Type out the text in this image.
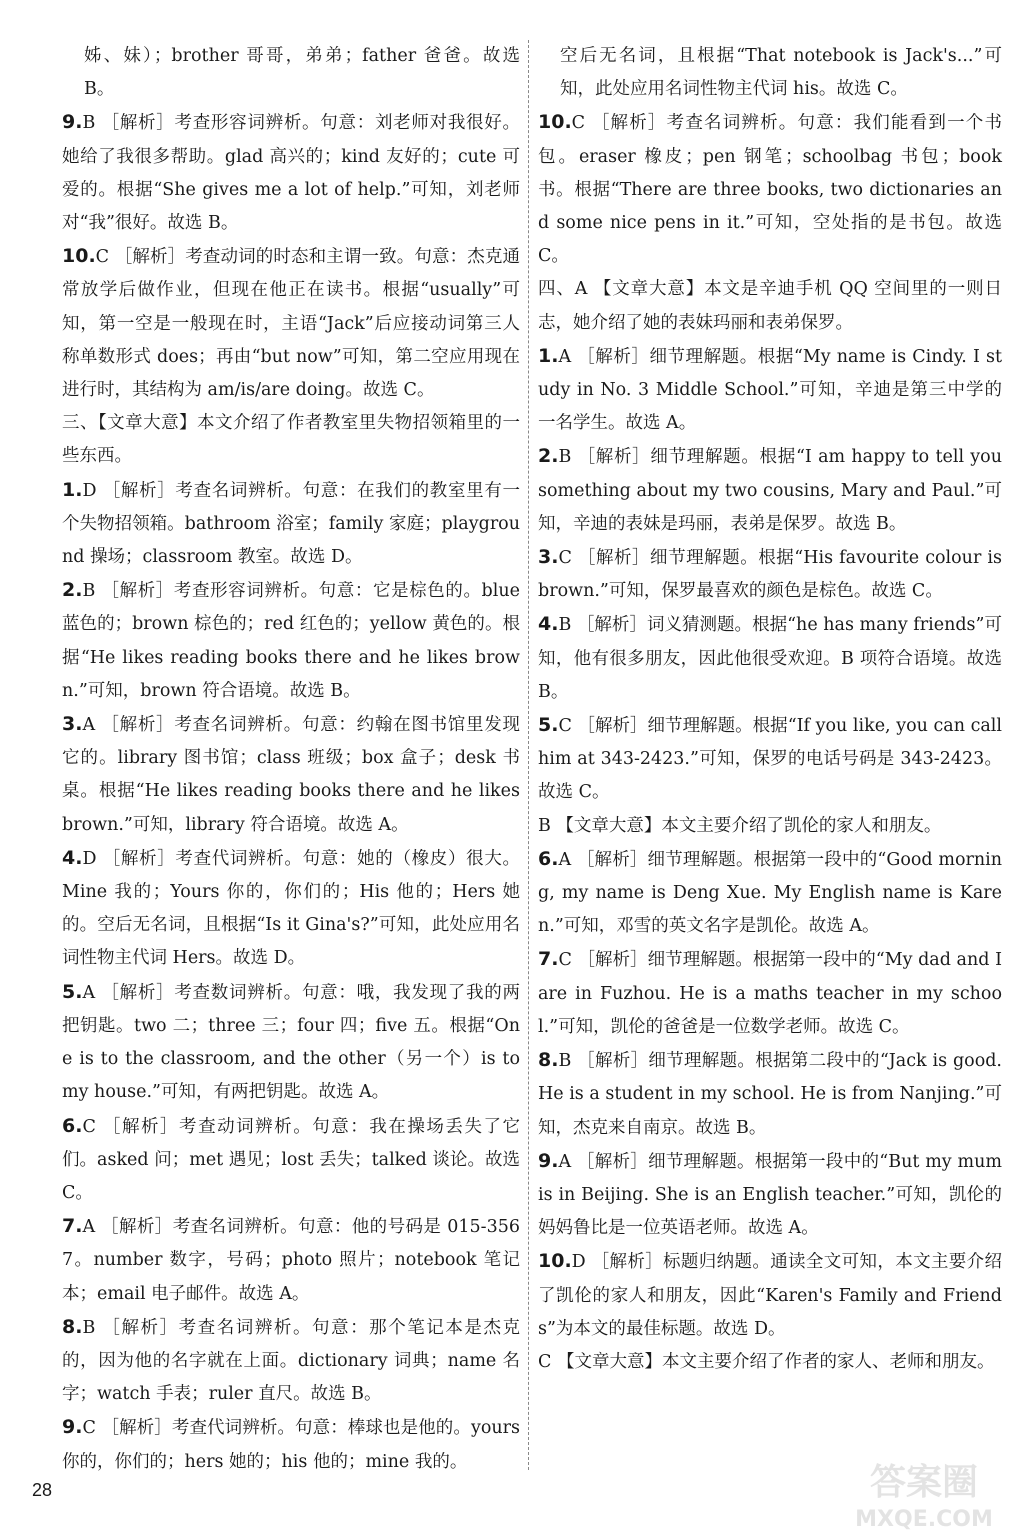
姊、妹）；brother 哥哥，弟弟；father 爸爸。故选 B。

9.B ［解析］考查形容词辨析。句意：刘老师对我很好。她给了我很多帮助。glad 高兴的；kind 友好的；cute 可爱的。根据“She gives me a lot of help.”可知，刘老师对“我”很好。故选 B。

10.C ［解析］考查动词的时态和主谓一致。句意：杰克通常放学后做作业，但现在他正在读书。根据“usually”可知，第一空是一般现在时，主语“Jack”后应接动词第三人称单数形式 does；再由“but now”可知，第二空应用现在进行时，其结构为 am/is/are doing。故选 C。

三、【文章大意】本文介绍了作者教室里失物招领箱里的一些东西。

1.D ［解析］考查名词辨析。句意：在我们的教室里有一个失物招领箱。bathroom 浴室；family 家庭；playground 操场；classroom 教室。故选 D。

2.B ［解析］考查形容词辨析。句意：它是棕色的。blue 蓝色的；brown 棕色的；red 红色的；yellow 黄色的。根据“He likes reading books there and he likes brown.”可知，brown 符合语境。故选 B。

3.A ［解析］考查名词辨析。句意：约翰在图书馆里发现它的。library 图书馆；class 班级；box 盒子；desk 书桌。根据“He likes reading books there and he likes brown.”可知，library 符合语境。故选 A。

4.D ［解析］考查代词辨析。句意：她的（橡皮）很大。Mine 我的；Yours 你的，你们的；His 他的；Hers 她的。空后无名词，且根据“Is it Gina's?”可知，此处应用名词性物主代词 Hers。故选 D。

5.A ［解析］考查数词辨析。句意：哦，我发现了我的两把钥匙。two 二；three 三；four 四；five 五。根据“One is to the classroom, and the other（另一个）is to my house.”可知，有两把钥匙。故选 A。

6.C ［解析］考查动词辨析。句意：我在操场丢失了它们。asked 问；met 遇见；lost 丢失；talked 谈论。故选 C。

7.A ［解析］考查名词辨析。句意：他的号码是 015-3567。number 数字，号码；photo 照片；notebook 笔记本；email 电子邮件。故选 A。

8.B ［解析］考查名词辨析。句意：那个笔记本是杰克的，因为他的名字就在上面。dictionary 词典；name 名字；watch 手表；ruler 直尺。故选 B。

9.C ［解析］考查代词辨析。句意：棒球也是他的。yours 你的，你们的；hers 她的；his 他的；mine 我的。

空后无名词，且根据“That notebook is Jack's...”可知，此处应用名词性物主代词 his。故选 C。

10.C ［解析］考查名词辨析。句意：我们能看到一个书包。eraser 橡皮；pen 钢笔；schoolbag 书包；book 书。根据“There are three books, two dictionaries and some nice pens in it.”可知，空处指的是书包。故选 C。

四、A 【文章大意】本文是辛迪手机 QQ 空间里的一则日志，她介绍了她的表妹玛丽和表弟保罗。

1.A ［解析］细节理解题。根据“My name is Cindy. I study in No. 3 Middle School.”可知，辛迪是第三中学的一名学生。故选 A。

2.B ［解析］细节理解题。根据“I am happy to tell you something about my two cousins, Mary and Paul.”可知，辛迪的表妹是玛丽，表弟是保罗。故选 B。

3.C ［解析］细节理解题。根据“His favourite colour is brown.”可知，保罗最喜欢的颜色是棕色。故选 C。

4.B ［解析］词义猜测题。根据“he has many friends”可知，他有很多朋友，因此他很受欢迎。B 项符合语境。故选 B。

5.C ［解析］细节理解题。根据“If you like, you can call him at 343-2423.”可知，保罗的电话号码是 343-2423。故选 C。

B 【文章大意】本文主要介绍了凯伦的家人和朋友。

6.A ［解析］细节理解题。根据第一段中的“Good morning, my name is Deng Xue. My English name is Karen.”可知，邓雪的英文名字是凯伦。故选 A。

7.C ［解析］细节理解题。根据第一段中的“My dad and I are in Fuzhou. He is a maths teacher in my school.”可知，凯伦的爸爸是一位数学老师。故选 C。

8.B ［解析］细节理解题。根据第二段中的“Jack is good. He is a student in my school. He is from Nanjing.”可知，杰克来自南京。故选 B。

9.A ［解析］细节理解题。根据第一段中的“But my mum is in Beijing. She is an English teacher.”可知，凯伦的妈妈鲁比是一位英语老师。故选 A。

10.D ［解析］标题归纳题。通读全文可知，本文主要介绍了凯伦的家人和朋友，因此“Karen's Family and Friends”为本文的最佳标题。故选 D。

C 【文章大意】本文主要介绍了作者的家人、老师和朋友。

28	答案圈
MXQE.COM
